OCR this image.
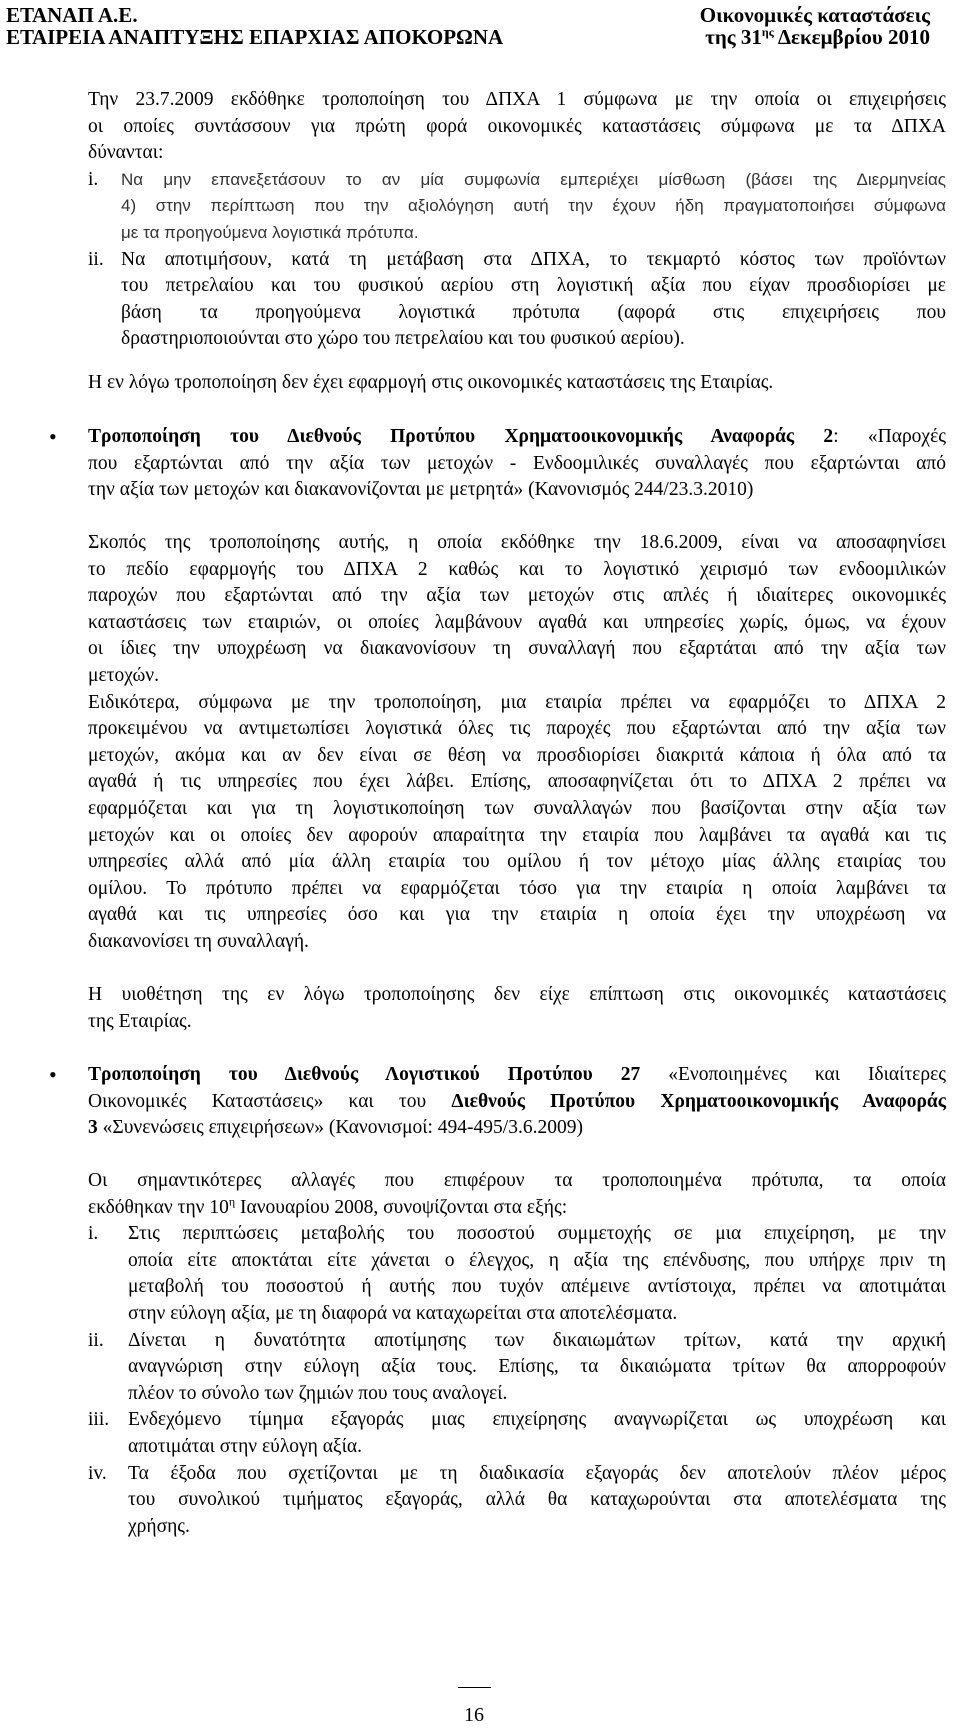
ΕΤΑΝΑΠ Α.Ε.
ΕΤΑΙΡΕΙΑ ΑΝΑΠΤΥΞΗΣ ΕΠΑΡΧΙΑΣ ΑΠΟΚΟΡΩΝΑ
Οικονομικές καταστάσεις
της $31^{\eta\varsigma}$ Δεκεμβρίου 2010
Την 23.7.2009 εκδόθηκε τροποποίηση του ΔΠΧΑ 1 σύμφωνα με την οποία οι επιχειρήσεις
οι οποίες συντάσσουν για πρώτη φορά οικονομικές καταστάσεις σύμφωνα με τα ΔΠΧΑ
δύνανται:
i. Να μην επανεξετάσουν το αν μία συμφωνία εμπεριέχει μίσθωση (βάσει της Διερμηνείας
4) στην περίπτωση που την αξιολόγηση αυτή την έχουν ήδη πραγματοποιήσει σύμφωνα
με τα προηγούμενα λογιστικά πρότυπα.
ii. Να αποτιμήσουν, κατά τη μετάβαση στα ΔΠΧΑ, το τεκμαρτό κόστος των προϊόντων
του πετρελαίου και του φυσικού αερίου στη λογιστική αξία που είχαν προσδιορίσει με
βάση τα προηγούμενα λογιστικά πρότυπα (αφορά στις επιχειρήσεις που
δραστηριοποιούνται στο χώρο του πετρελαίου και του φυσικού αερίου).
Η εν λόγω τροποποίηση δεν έχει εφαρμογή στις οικονομικές καταστάσεις της Εταιρίας.
• Τροποποίηση του Διεθνούς Προτύπου Χρηματοοικονομικής Αναφοράς 2: «Παροχές
που εξαρτώνται από την αξία των μετοχών - Ενδοομιλικές συναλλαγές που εξαρτώνται από
την αξία των μετοχών και διακανονίζονται με μετρητά» (Κανονισμός 244/23.3.2010)
Σκοπός της τροποποίησης αυτής, η οποία εκδόθηκε την 18.6.2009, είναι να αποσαφηνίσει
το πεδίο εφαρμογής του ΔΠΧΑ 2 καθώς και το λογιστικό χειρισμό των ενδοομιλικών
παροχών που εξαρτώνται από την αξία των μετοχών στις απλές ή ιδιαίτερες οικονομικές
καταστάσεις των εταιριών, οι οποίες λαμβάνουν αγαθά και υπηρεσίες χωρίς, όμως, να έχουν
οι ίδιες την υποχρέωση να διακανονίσουν τη συναλλαγή που εξαρτάται από την αξία των
μετοχών.
Ειδικότερα, σύμφωνα με την τροποποίηση, μια εταιρία πρέπει να εφαρμόζει το ΔΠΧΑ 2
προκειμένου να αντιμετωπίσει λογιστικά όλες τις παροχές που εξαρτώνται από την αξία των
μετοχών, ακόμα και αν δεν είναι σε θέση να προσδιορίσει διακριτά κάποια ή όλα από τα
αγαθά ή τις υπηρεσίες που έχει λάβει. Επίσης, αποσαφηνίζεται ότι το ΔΠΧΑ 2 πρέπει να
εφαρμόζεται και για τη λογιστικοποίηση των συναλλαγών που βασίζονται στην αξία των
μετοχών και οι οποίες δεν αφορούν απαραίτητα την εταιρία που λαμβάνει τα αγαθά και τις
υπηρεσίες αλλά από μία άλλη εταιρία του ομίλου ή τον μέτοχο μίας άλλης εταιρίας του
ομίλου. Το πρότυπο πρέπει να εφαρμόζεται τόσο για την εταιρία η οποία λαμβάνει τα
αγαθά και τις υπηρεσίες όσο και για την εταιρία η οποία έχει την υποχρέωση να
διακανονίσει τη συναλλαγή.
Η υιοθέτηση της εν λόγω τροποποίησης δεν είχε επίπτωση στις οικονομικές καταστάσεις
της Εταιρίας.
• Τροποποίηση του Διεθνούς Λογιστικού Προτύπου 27 «Ενοποιημένες και Ιδιαίτερες
Οικονομικές Καταστάσεις» και του Διεθνούς Προτύπου Χρηματοοικονομικής Αναφοράς
3 «Συνενώσεις επιχειρήσεων» (Κανονισμοί: 494-495/3.6.2009)
Οι σημαντικότερες αλλαγές που επιφέρουν τα τροποποιημένα πρότυπα, τα οποία
εκδόθηκαν την $10^\eta$ Ιανουαρίου 2008, συνοψίζονται στα εξής:
i. Στις περιπτώσεις μεταβολής του ποσοστού συμμετοχής σε μια επιχείρηση, με την
οποία είτε αποκτάται είτε χάνεται ο έλεγχος, η αξία της επένδυσης, που υπήρχε πριν τη
μεταβολή του ποσοστού ή αυτής που τυχόν απέμεινε αντίστοιχα, πρέπει να αποτιμάται
στην εύλογη αξία, με τη διαφορά να καταχωρείται στα αποτελέσματα.
ii. Δίνεται η δυνατότητα αποτίμησης των δικαιωμάτων τρίτων, κατά την αρχική
αναγνώριση στην εύλογη αξία τους. Επίσης, τα δικαιώματα τρίτων θα απορροφούν
πλέον το σύνολο των ζημιών που τους αναλογεί.
iii. Ενδεχόμενο τίμημα εξαγοράς μιας επιχείρησης αναγνωρίζεται ως υποχρέωση και
αποτιμάται στην εύλογη αξία.
iv. Τα έξοδα που σχετίζονται με τη διαδικασία εξαγοράς δεν αποτελούν πλέον μέρος
του συνολικού τιμήματος εξαγοράς, αλλά θα καταχωρούνται στα αποτελέσματα της
χρήσης.
16
